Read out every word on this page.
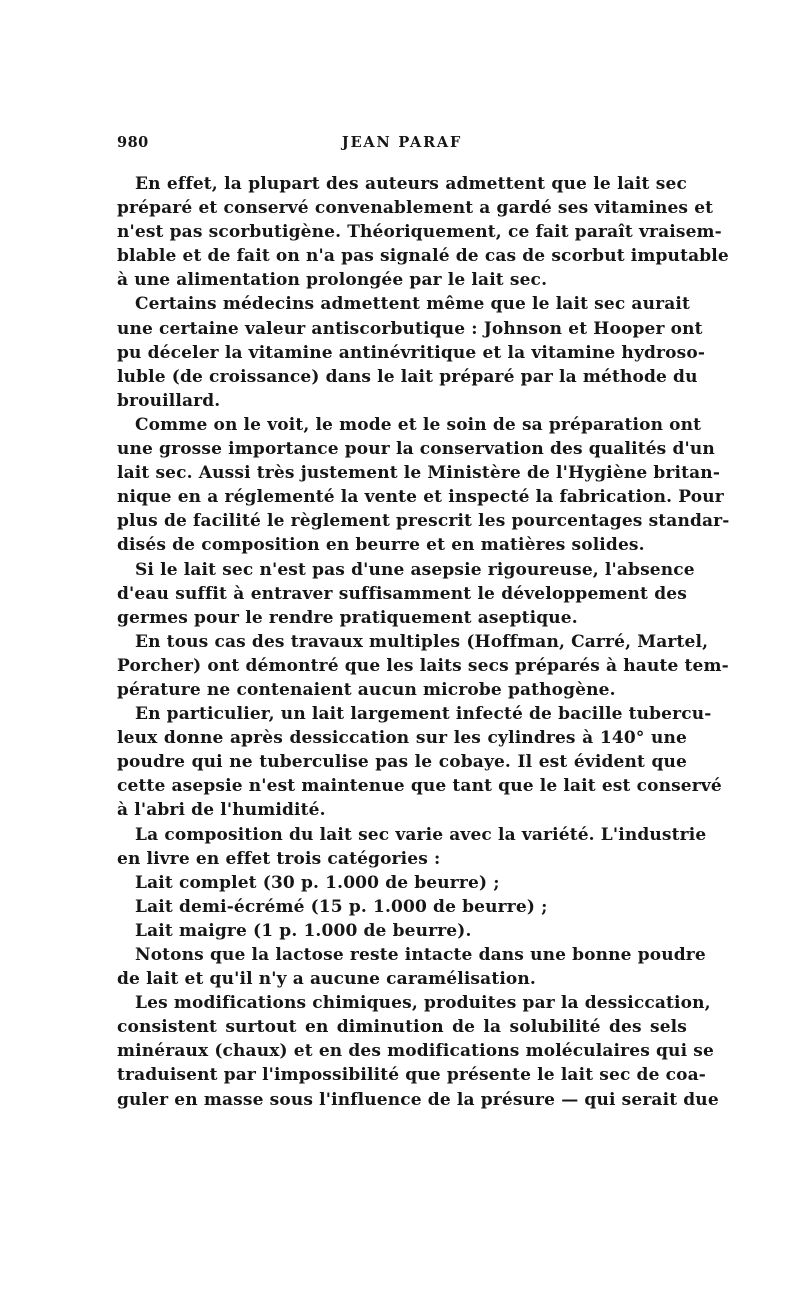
980	JEAN PARAF
En effet, la plupart des auteurs admettent que le lait sec
préparé et conservé convenablement a gardé ses vitamines et
n'est pas scorbutigène. Théoriquement, ce fait paraît vraisem-
blable et de fait on n'a pas signalé de cas de scorbut imputable
à une alimentation prolongée par le lait sec.
Certains médecins admettent même que le lait sec aurait
une certaine valeur antiscorbutique : Johnson et Hooper ont
pu déceler la vitamine antinévritique et la vitamine hydroso-
luble (de croissance) dans le lait préparé par la méthode du
brouillard.
Comme on le voit, le mode et le soin de sa préparation ont
une grosse importance pour la conservation des qualités d'un
lait sec. Aussi très justement le Ministère de l'Hygiène britan-
nique en a réglementé la vente et inspecté la fabrication. Pour
plus de facilité le règlement prescrit les pourcentages standar-
disés de composition en beurre et en matières solides.
Si le lait sec n'est pas d'une asepsie rigoureuse, l'absence
d'eau suffit à entraver suffisamment le développement des
germes pour le rendre pratiquement aseptique.
En tous cas des travaux multiples (Hoffman, Carré, Martel,
Porcher) ont démontré que les laits secs préparés à haute tem-
pérature ne contenaient aucun microbe pathogène.
En particulier, un lait largement infecté de bacille tubercu-
leux donne après dessiccation sur les cylindres à 140° une
poudre qui ne tuberculise pas le cobaye. Il est évident que
cette asepsie n'est maintenue que tant que le lait est conservé
à l'abri de l'humidité.
La composition du lait sec varie avec la variété. L'industrie
en livre en effet trois catégories :
Lait complet (30 p. 1.000 de beurre) ;
Lait demi-écrémé (15 p. 1.000 de beurre) ;
Lait maigre (1 p. 1.000 de beurre).
Notons que la lactose reste intacte dans une bonne poudre
de lait et qu'il n'y a aucune caramélisation.
Les modifications chimiques, produites par la dessiccation,
consistent surtout en diminution de la solubilité des sels
minéraux (chaux) et en des modifications moléculaires qui se
traduisent par l'impossibilité que présente le lait sec de coa-
guler en masse sous l'influence de la présure — qui serait due
